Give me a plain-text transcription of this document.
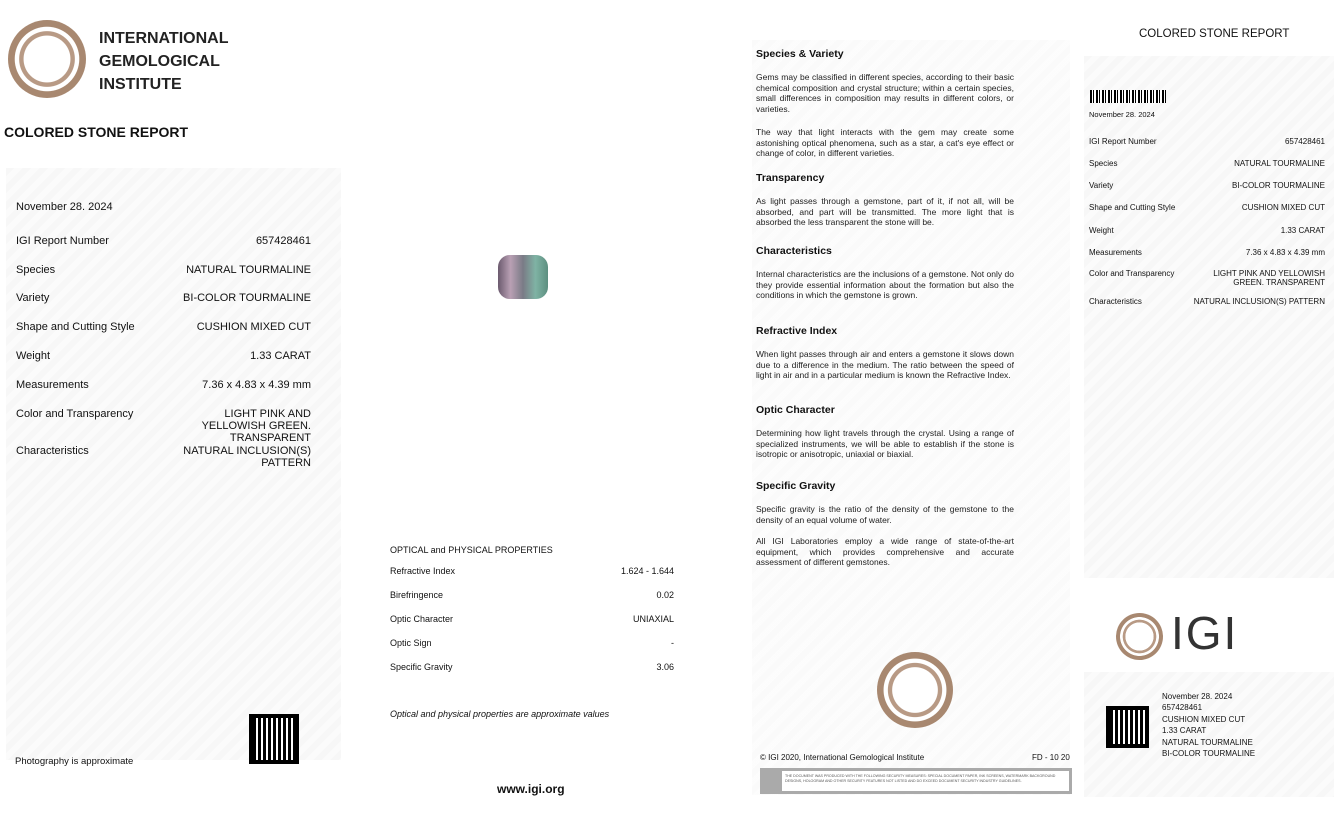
INTERNATIONAL
GEMOLOGICAL
INSTITUTE
COLORED STONE REPORT
November 28. 2024
IGI Report Number	657428461
Species	NATURAL TOURMALINE
Variety	BI-COLOR TOURMALINE
Shape and Cutting Style	CUSHION MIXED CUT
Weight	1.33 CARAT
Measurements	7.36 x 4.83 x 4.39 mm
Color and Transparency	LIGHT PINK AND YELLOWISH GREEN. TRANSPARENT
Characteristics	NATURAL INCLUSION(S) PATTERN
Photography is approximate
OPTICAL and PHYSICAL PROPERTIES
Refractive Index	1.624 - 1.644
Birefringence	0.02
Optic Character	UNIAXIAL
Optic Sign	-
Specific Gravity	3.06
Optical and physical properties are approximate values
www.igi.org
Species & Variety
Gems may be classified in different species, according to their basic chemical composition and crystal structure; within a certain species, small differences in composition may results in different colors, or varieties.
The way that light interacts with the gem may create some astonishing optical phenomena, such as a star, a cat's eye effect or change of color, in different varieties.
Transparency
As light passes through a gemstone, part of it, if not all, will be absorbed, and part will be transmitted. The more light that is absorbed the less transparent the stone will be.
Characteristics
Internal characteristics are the inclusions of a gemstone. Not only do they provide essential information about the formation but also the conditions in which the gemstone is grown.
Refractive Index
When light passes through air and enters a gemstone it slows down due to a difference in the medium. The ratio between the speed of light in air and in a particular medium is known the Refractive Index.
Optic Character
Determining how light travels through the crystal. Using a range of specialized instruments, we will be able to establish if the stone is isotropic or anisotropic, uniaxial or biaxial.
Specific Gravity
Specific gravity is the ratio of the density of the gemstone to the density of an equal volume of water.
All IGI Laboratories employ a wide range of state-of-the-art equipment, which provides comprehensive and accurate assessment of different gemstones.
© IGI 2020, International Gemological Institute	FD - 10 20
THE DOCUMENT WAS PRODUCED WITH THE FOLLOWING SECURITY MEASURES: SPECIAL DOCUMENT PAPER, INK SCREENS, WATERMARK BACKGROUND DESIGNS, HOLOGRAM AND OTHER SECURITY FEATURES NOT LISTED AND DO EXCEED DOCUMENT SECURITY INDUSTRY GUIDELINES.
COLORED STONE REPORT
November 28. 2024
IGI Report Number	657428461
Species	NATURAL TOURMALINE
Variety	BI-COLOR TOURMALINE
Shape and Cutting Style	CUSHION MIXED CUT
Weight	1.33 CARAT
Measurements	7.36 x 4.83 x 4.39 mm
Color and Transparency	LIGHT PINK AND YELLOWISH GREEN. TRANSPARENT
Characteristics	NATURAL INCLUSION(S) PATTERN
IGI
November 28. 2024
657428461
CUSHION MIXED CUT
1.33 CARAT
NATURAL TOURMALINE
BI-COLOR TOURMALINE
